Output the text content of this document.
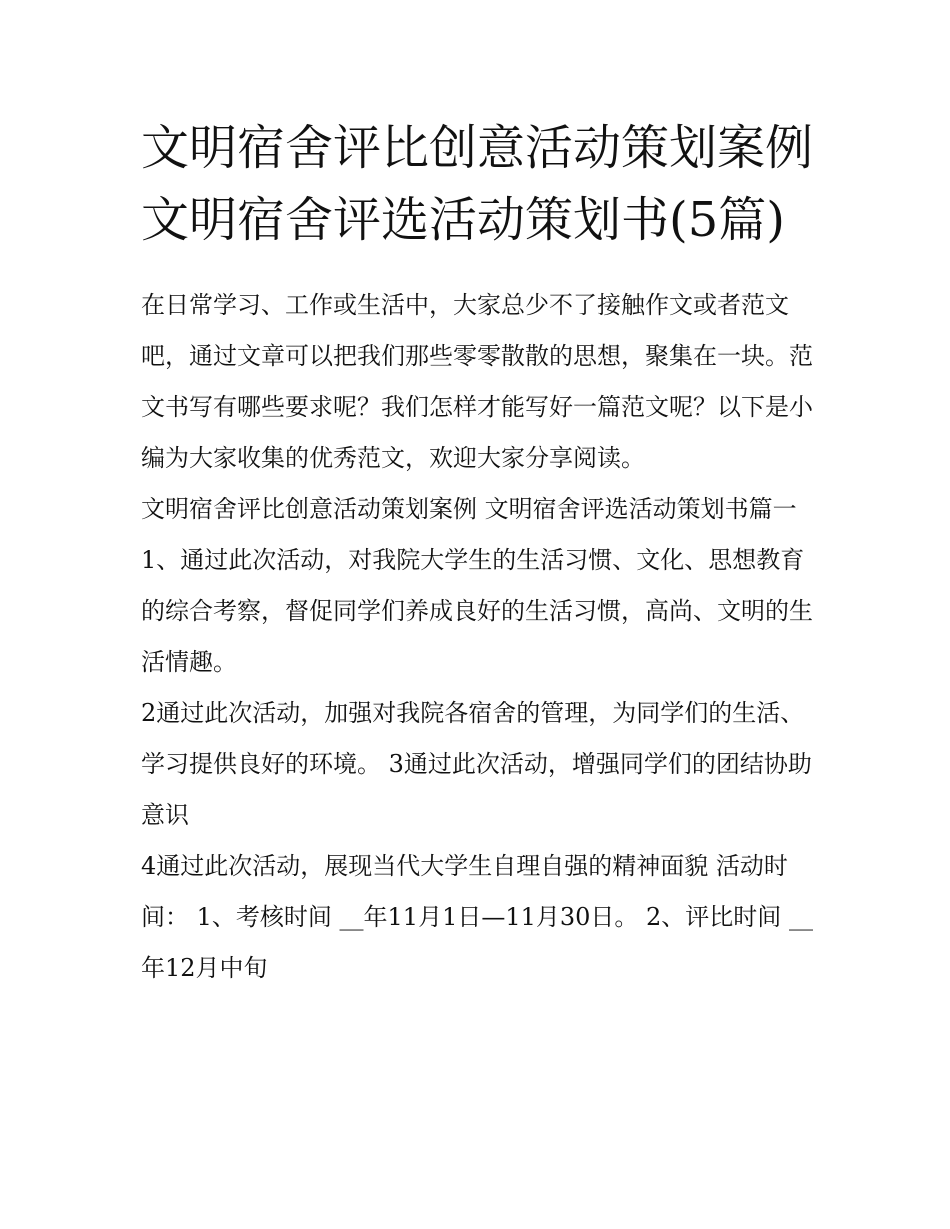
文明宿舍评比创意活动策划案例 文明宿舍评选活动策划书(5篇)

在日常学习、工作或生活中，大家总少不了接触作文或者范文吧，通过文章可以把我们那些零零散散的思想，聚集在一块。范文书写有哪些要求呢？我们怎样才能写好一篇范文呢？以下是小编为大家收集的优秀范文，欢迎大家分享阅读。

文明宿舍评比创意活动策划案例 文明宿舍评选活动策划书篇一

1、通过此次活动，对我院大学生的生活习惯、文化、思想教育的综合考察，督促同学们养成良好的生活习惯，高尚、文明的生活情趣。

2通过此次活动，加强对我院各宿舍的管理，为同学们的生活、学习提供良好的环境。 3通过此次活动，增强同学们的团结协助意识

4通过此次活动，展现当代大学生自理自强的精神面貌 活动时间： 1、考核时间 __年11月1日—11月30日。 2、评比时间 __年12月中旬
